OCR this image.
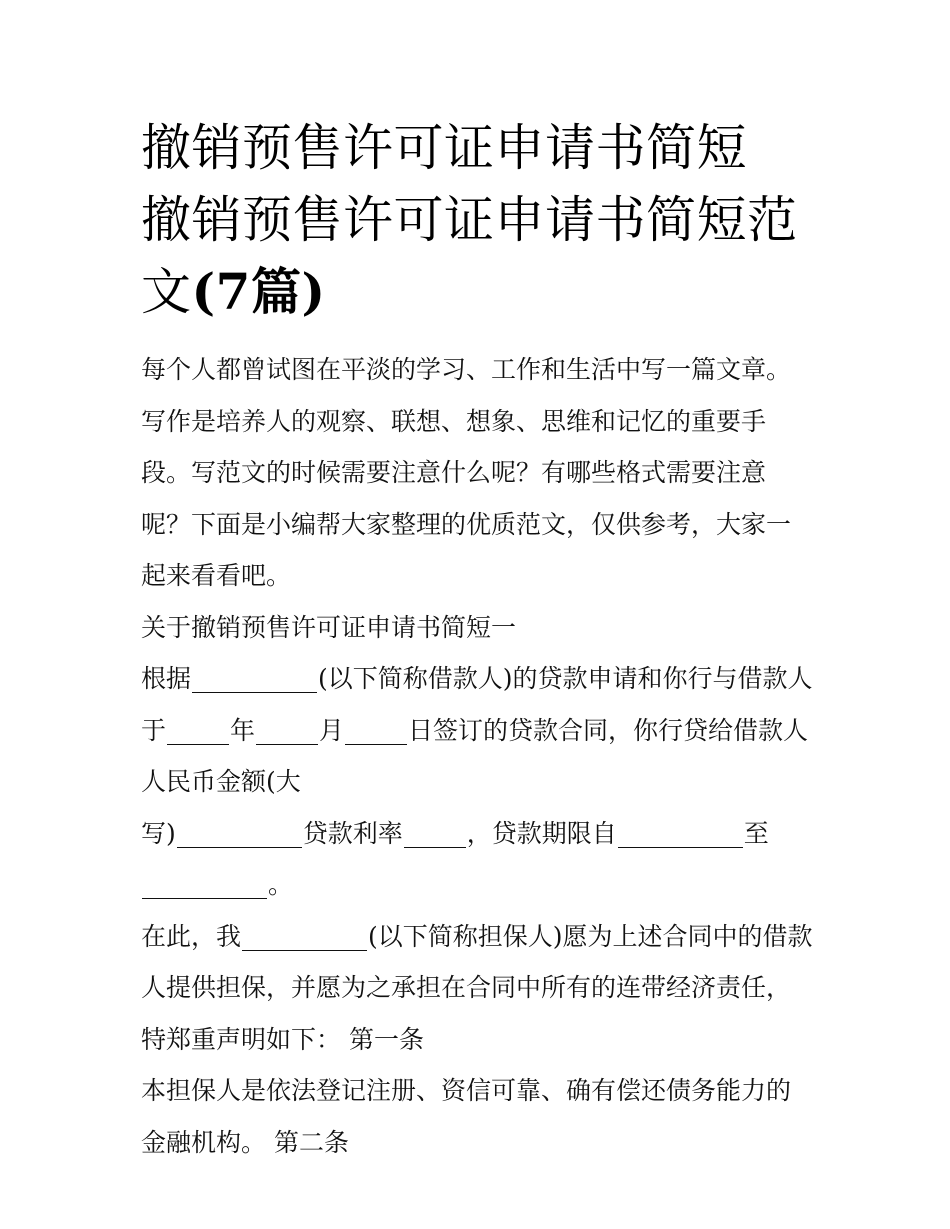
撤销预售许可证申请书简短 撤销预售许可证申请书简短范文(7篇)

每个人都曾试图在平淡的学习、工作和生活中写一篇文章。写作是培养人的观察、联想、想象、思维和记忆的重要手段。写范文的时候需要注意什么呢？有哪些格式需要注意呢？下面是小编帮大家整理的优质范文，仅供参考，大家一起来看看吧。

关于撤销预售许可证申请书简短一

根据	(以下简称借款人)的贷款申请和你行与借款人于	年	月	日签订的贷款合同，你行贷给借款人人民币金额(大

写)	贷款利率	，贷款期限自	至

。

在此，我	(以下简称担保人)愿为上述合同中的借款人提供担保，并愿为之承担在合同中所有的连带经济责任，特郑重声明如下： 第一条

本担保人是依法登记注册、资信可靠、确有偿还债务能力的金融机构。 第二条
